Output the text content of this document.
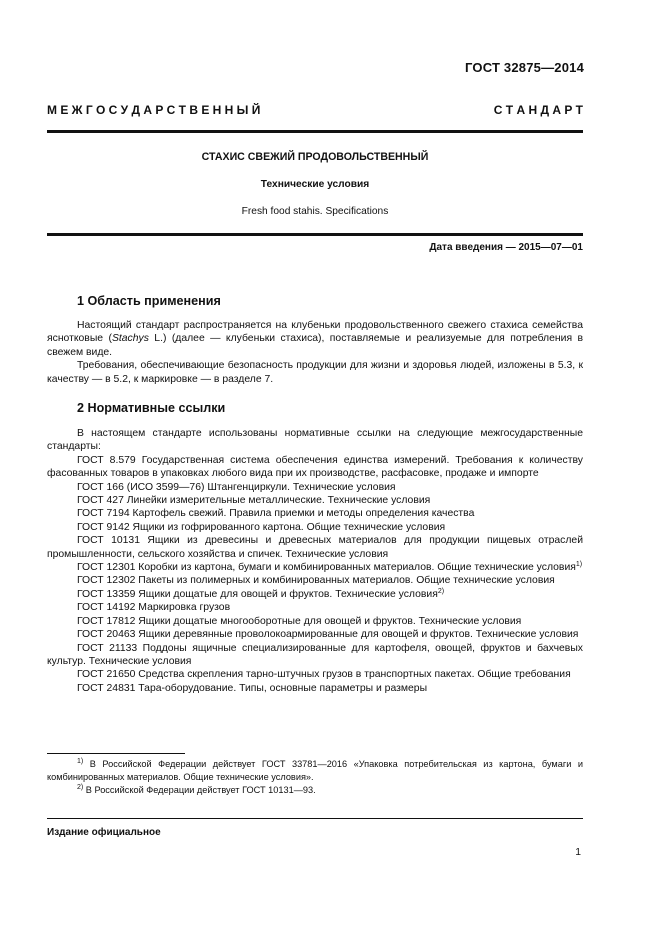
ГОСТ 32875—2014
М Е Ж Г О С У Д А Р С Т В Е Н Н Ы Й	С Т А Н Д А Р Т
СТАХИС СВЕЖИЙ ПРОДОВОЛЬСТВЕННЫЙ
Технические условия
Fresh food stahis. Specifications
Дата введения — 2015—07—01
1 Область применения

Настоящий стандарт распространяется на клубеньки продовольственного свежего стахиса семейства яснотковые (Stachys L.) (далее — клубеньки стахиса), поставляемые и реализуемые для потребления в свежем виде.

Требования, обеспечивающие безопасность продукции для жизни и здоровья людей, изложены в 5.3, к качеству — в 5.2, к маркировке — в разделе 7.

2 Нормативные ссылки

В настоящем стандарте использованы нормативные ссылки на следующие межгосударственные стандарты:

ГОСТ 8.579 Государственная система обеспечения единства измерений. Требования к количеству фасованных товаров в упаковках любого вида при их производстве, расфасовке, продаже и импорте

ГОСТ 166 (ИСО 3599—76) Штангенциркули. Технические условия

ГОСТ 427 Линейки измерительные металлические. Технические условия

ГОСТ 7194 Картофель свежий. Правила приемки и методы определения качества

ГОСТ 9142 Ящики из гофрированного картона. Общие технические условия

ГОСТ 10131 Ящики из древесины и древесных материалов для продукции пищевых отраслей промышленности, сельского хозяйства и спичек. Технические условия

ГОСТ 12301 Коробки из картона, бумаги и комбинированных материалов. Общие технические условия$^{1)}$

ГОСТ 12302 Пакеты из полимерных и комбинированных материалов. Общие технические условия

ГОСТ 13359 Ящики дощатые для овощей и фруктов. Технические условия$^{2)}$

ГОСТ 14192 Маркировка грузов

ГОСТ 17812 Ящики дощатые многооборотные для овощей и фруктов. Технические условия

ГОСТ 20463 Ящики деревянные проволокоармированные для овощей и фруктов. Технические условия

ГОСТ 21133 Поддоны ящичные специализированные для картофеля, овощей, фруктов и бахчевых культур. Технические условия

ГОСТ 21650 Средства скрепления тарно-штучных грузов в транспортных пакетах. Общие требования

ГОСТ 24831 Тара-оборудование. Типы, основные параметры и размеры

$^{1)}$ В Российской Федерации действует ГОСТ 33781—2016 «Упаковка потребительская из картона, бумаги и комбинированных материалов. Общие технические условия».

$^{2)}$ В Российской Федерации действует ГОСТ 10131—93.

Издание официальное
1
